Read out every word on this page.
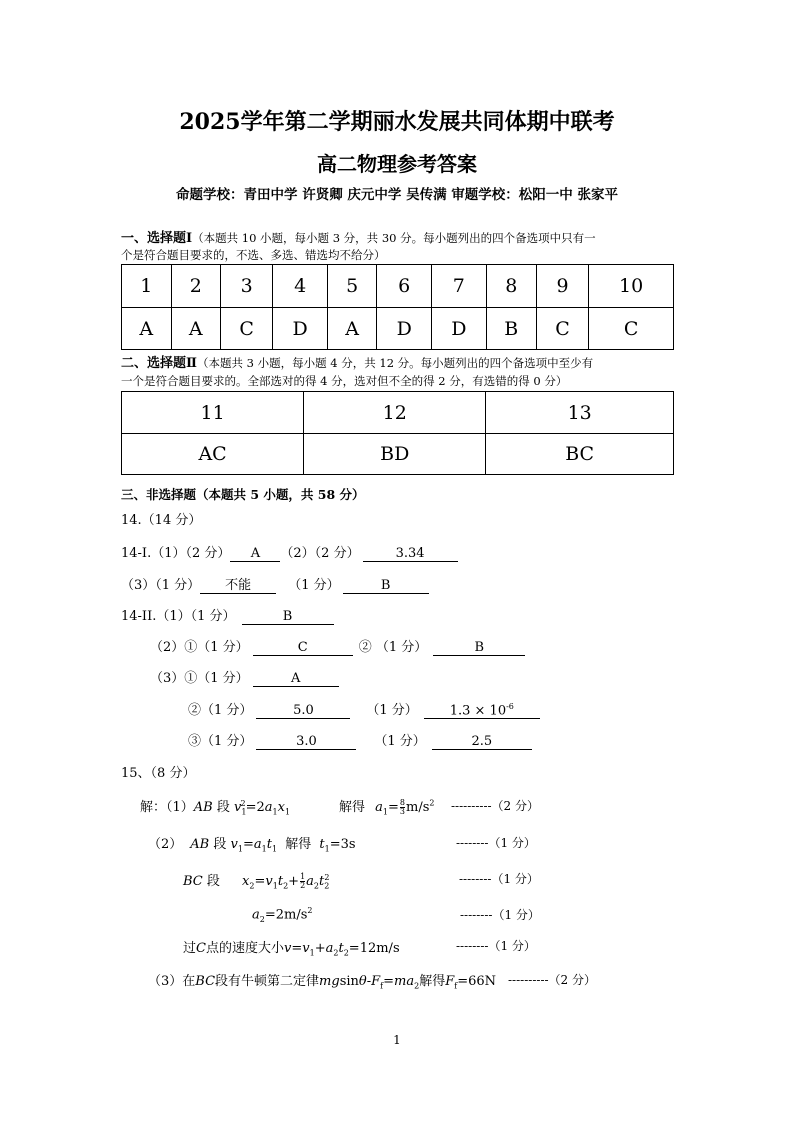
2025学年第二学期丽水发展共同体期中联考
高二物理参考答案
命题学校：青田中学 许贤卿 庆元中学 吴传满 审题学校：松阳一中 张家平
一、选择题Ⅰ（本题共 10 小题，每小题 3 分，共 30 分。每小题列出的四个备选项中只有一
个是符合题目要求的，不选、多选、错选均不给分）
1	2	3	4	5	6	7	8	9	10
A	A	C	D	A	D	D	B	C	C
二、选择题Ⅱ（本题共 3 小题，每小题 4 分，共 12 分。每小题列出的四个备选项中至少有
一个是符合题目要求的。全部选对的得 4 分，选对但不全的得 2 分，有选错的得 0 分）
11	12	13
AC	BD	BC
三、非选择题（本题共 5 小题，共 58 分）
14.（14 分）
14-I.（1）（2 分） A （2）（2 分）	3.34
（3）（1 分） 不能	（1 分）	B
14-II.（1）（1 分）	B
（2）①（1 分）	C	② （1 分）	B
（3）①（1 分）	A
②（1 分）	5.0	（1 分） $1.3 \times 10^{-6}$
③（1 分）	3.0	（1 分）	2.5
15、（8 分）
解：（1）AB 段 $v_1^2=2a_1x_1$	解得 $a_1= \frac{8}{3} m/s^2$ ----------（2 分）
（2） AB 段 $v_1=a_1t_1$ 解得 $t_1=3s$	--------（1 分）
BC 段 $x_2=v_1t_2+ \frac{1}{2} a_2t_2^2$	--------（1 分）
$a_2=2m/s^2$	--------（1 分）
过C点的速度大小$v=v_1+a_2t_2=12m/s$	--------（1 分）
（3）在BC段有牛顿第二定律mgsinθ-$F_f=ma_2$解得$F_f=66N$ ----------（2 分）
1
